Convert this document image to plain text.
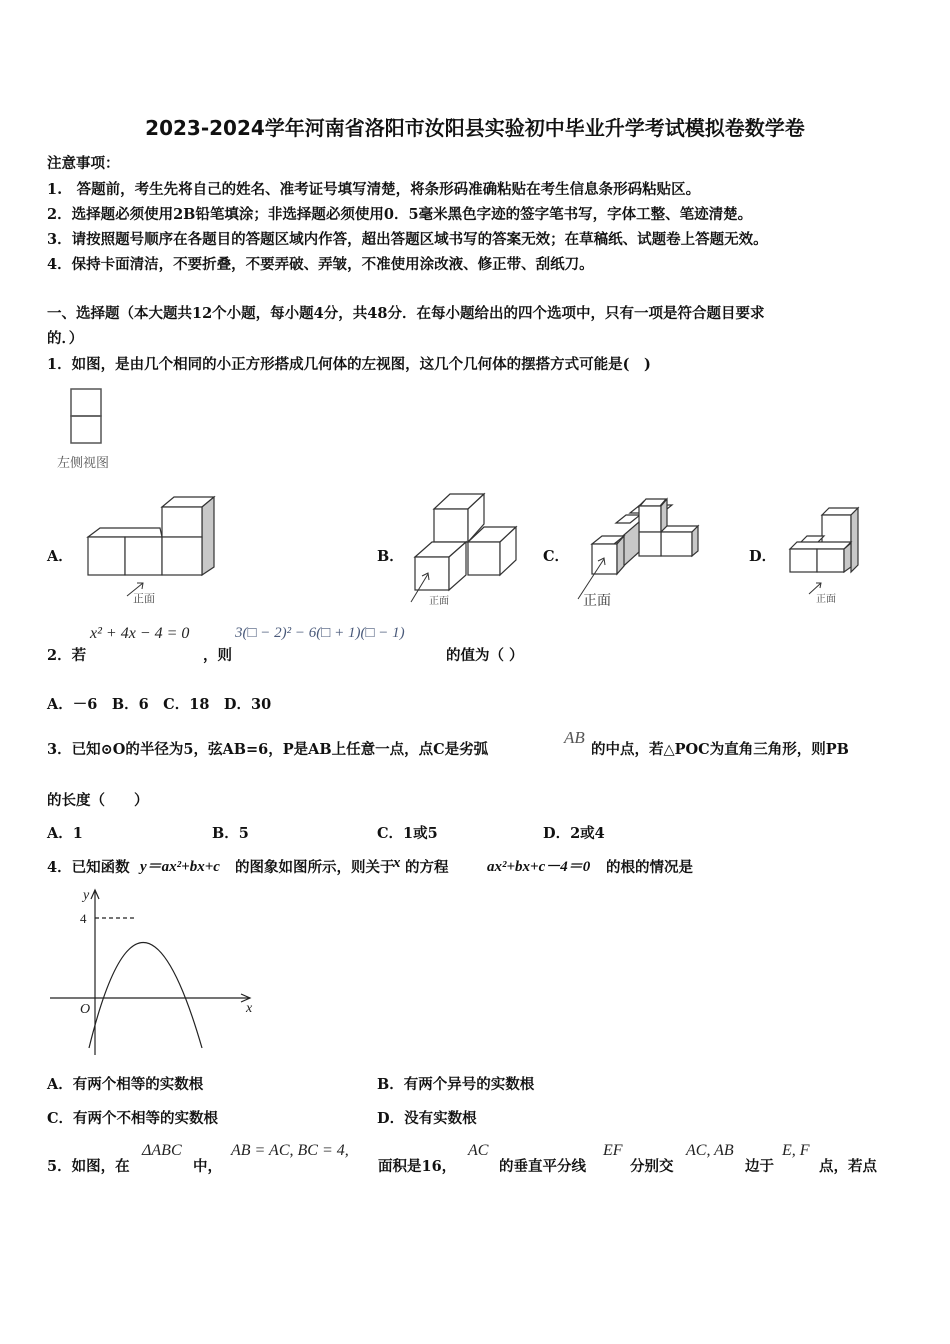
2023-2024学年河南省洛阳市汝阳县实验初中毕业升学考试模拟卷数学卷
注意事项：
1.　答题前，考生先将自己的姓名、准考证号填写清楚，将条形码准确粘贴在考生信息条形码粘贴区。
2．选择题必须使用2B铅笔填涂；非选择题必须使用0．5毫米黑色字迹的签字笔书写，字体工整、笔迹清楚。
3．请按照题号顺序在各题目的答题区域内作答，超出答题区域书写的答案无效；在草稿纸、试题卷上答题无效。
4．保持卡面清洁，不要折叠，不要弄破、弄皱，不准使用涂改液、修正带、刮纸刀。
一、选择题（本大题共12个小题，每小题4分，共48分．在每小题给出的四个选项中，只有一项是符合题目要求
的．）
1．如图，是由几个相同的小正方形搭成几何体的左视图，这几个几何体的摆搭方式可能是(　)
左侧视图
A．
正面
B．
正面
C．
正面
D．
正面
2．若
x² + 4x − 4 = 0
，则
3(□ − 2)² − 6(□ + 1)(□ − 1)
的值为（ ）
A．－6　B．6　C．18　D．30
3．已知⊙O的半径为5，弦AB=6，P是AB上任意一点，点C是劣弧
AB
的中点，若△POC为直角三角形，则PB
的长度（　　）
A．1	B．5	C．1或5	D．2或4
4．已知函数 y＝ax²+bx+c 的图象如图所示，则关于
x 的方程	ax²+bx+c－4＝0 的根的情况是
y
4
O	x
A．有两个相等的实数根	B．有两个异号的实数根
C．有两个不相等的实数根	D．没有实数根
5．如图，在
ΔABC
中，
AB = AC, BC = 4,
面积是16，
AC
的垂直平分线
EF
分别交
AC, AB
边于
E, F
点，若点
